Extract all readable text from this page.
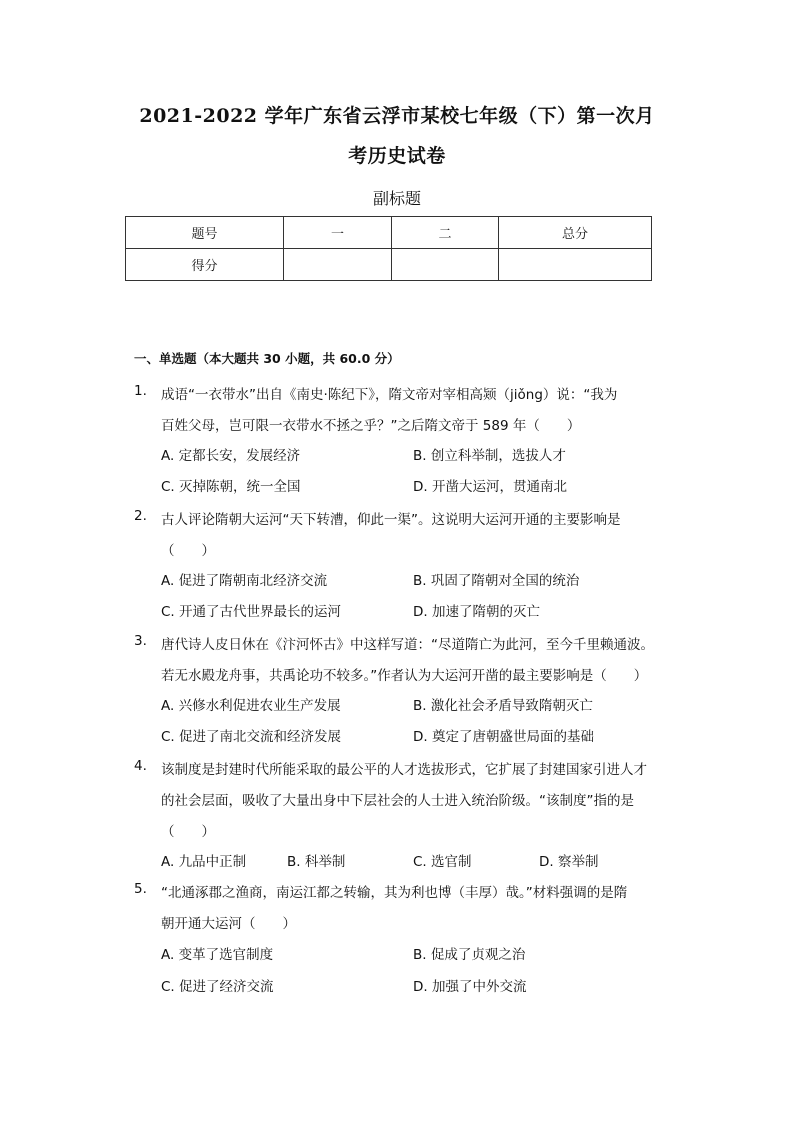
2021-2022 学年广东省云浮市某校七年级（下）第一次月
考历史试卷
副标题
题号	一	二	总分
得分			
一、单选题（本大题共 30 小题，共 60.0 分）
1. 成语“一衣带水”出自《南史·陈纪下》，隋文帝对宰相高颎（jiǒng）说：“我为
百姓父母，岂可限一衣带水不拯之乎？”之后隋文帝于 589 年（　　）
A. 定都长安，发展经济	B. 创立科举制，选拔人才
C. 灭掉陈朝，统一全国	D. 开凿大运河，贯通南北
2. 古人评论隋朝大运河“天下转漕，仰此一渠”。这说明大运河开通的主要影响是
（　　）
A. 促进了隋朝南北经济交流	B. 巩固了隋朝对全国的统治
C. 开通了古代世界最长的运河	D. 加速了隋朝的灭亡
3. 唐代诗人皮日休在《汴河怀古》中这样写道：“尽道隋亡为此河，至今千里赖通波。
若无水殿龙舟事，共禹论功不较多。”作者认为大运河开凿的最主要影响是（　　）
A. 兴修水利促进农业生产发展	B. 激化社会矛盾导致隋朝灭亡
C. 促进了南北交流和经济发展	D. 奠定了唐朝盛世局面的基础
4. 该制度是封建时代所能采取的最公平的人才选拔形式，它扩展了封建国家引进人才
的社会层面，吸收了大量出身中下层社会的人士进入统治阶级。“该制度”指的是
（　　）
A. 九品中正制	B. 科举制	C. 选官制	D. 察举制
5. “北通涿郡之渔商，南运江都之转输，其为利也博（丰厚）哉。”材料强调的是隋
朝开通大运河（　　）
A. 变革了选官制度	B. 促成了贞观之治
C. 促进了经济交流	D. 加强了中外交流
